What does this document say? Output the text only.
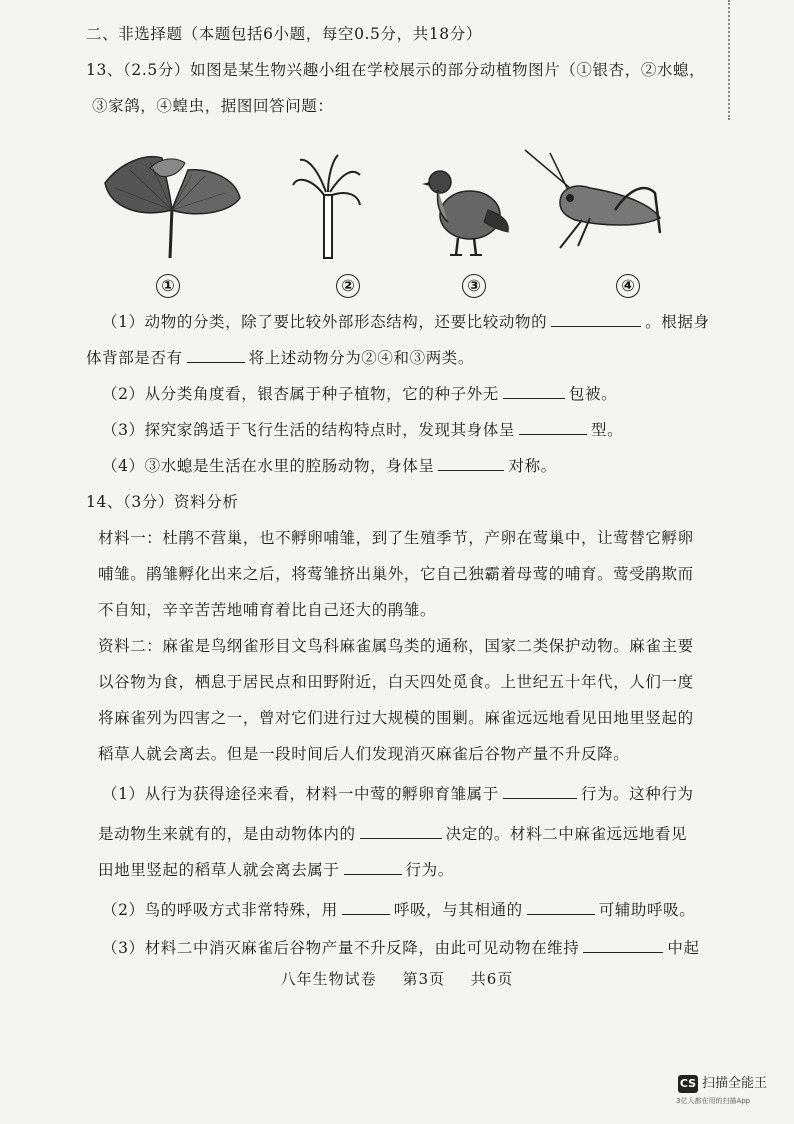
二、非选择题（本题包括6小题，每空0.5分，共18分）
13、（2.5分）如图是某生物兴趣小组在学校展示的部分动植物图片（①银杏，②水螅，
③家鸽，④蝗虫，据图回答问题：
①	②	③	④
（1）动物的分类，除了要比较外部形态结构，还要比较动物的	。根据身
体背部是否有	将上述动物分为②④和③两类。
（2）从分类角度看，银杏属于种子植物，它的种子外无	包被。
（3）探究家鸽适于飞行生活的结构特点时，发现其身体呈	型。
（4）③水螅是生活在水里的腔肠动物，身体呈	对称。
14、（3分）资料分析
材料一：杜鹃不营巢，也不孵卵哺雏，到了生殖季节，产卵在莺巢中，让莺替它孵卵
哺雏。鹃雏孵化出来之后，将莺雏挤出巢外，它自己独霸着母莺的哺育。莺受鹃欺而
不自知，辛辛苦苦地哺育着比自己还大的鹃雏。
资料二：麻雀是鸟纲雀形目文鸟科麻雀属鸟类的通称，国家二类保护动物。麻雀主要
以谷物为食，栖息于居民点和田野附近，白天四处觅食。上世纪五十年代，人们一度
将麻雀列为四害之一，曾对它们进行过大规模的围剿。麻雀远远地看见田地里竖起的
稻草人就会离去。但是一段时间后人们发现消灭麻雀后谷物产量不升反降。
（1）从行为获得途径来看，材料一中莺的孵卵育雏属于	行为。这种行为
是动物生来就有的，是由动物体内的	决定的。材料二中麻雀远远地看见
田地里竖起的稻草人就会离去属于	行为。
（2）鸟的呼吸方式非常特殊，用	呼吸，与其相通的	可辅助呼吸。
（3）材料二中消灭麻雀后谷物产量不升反降，由此可见动物在维持	中起
八年生物试卷 第3页 共6页
CS 扫描全能王
3亿人都在用的扫描App
